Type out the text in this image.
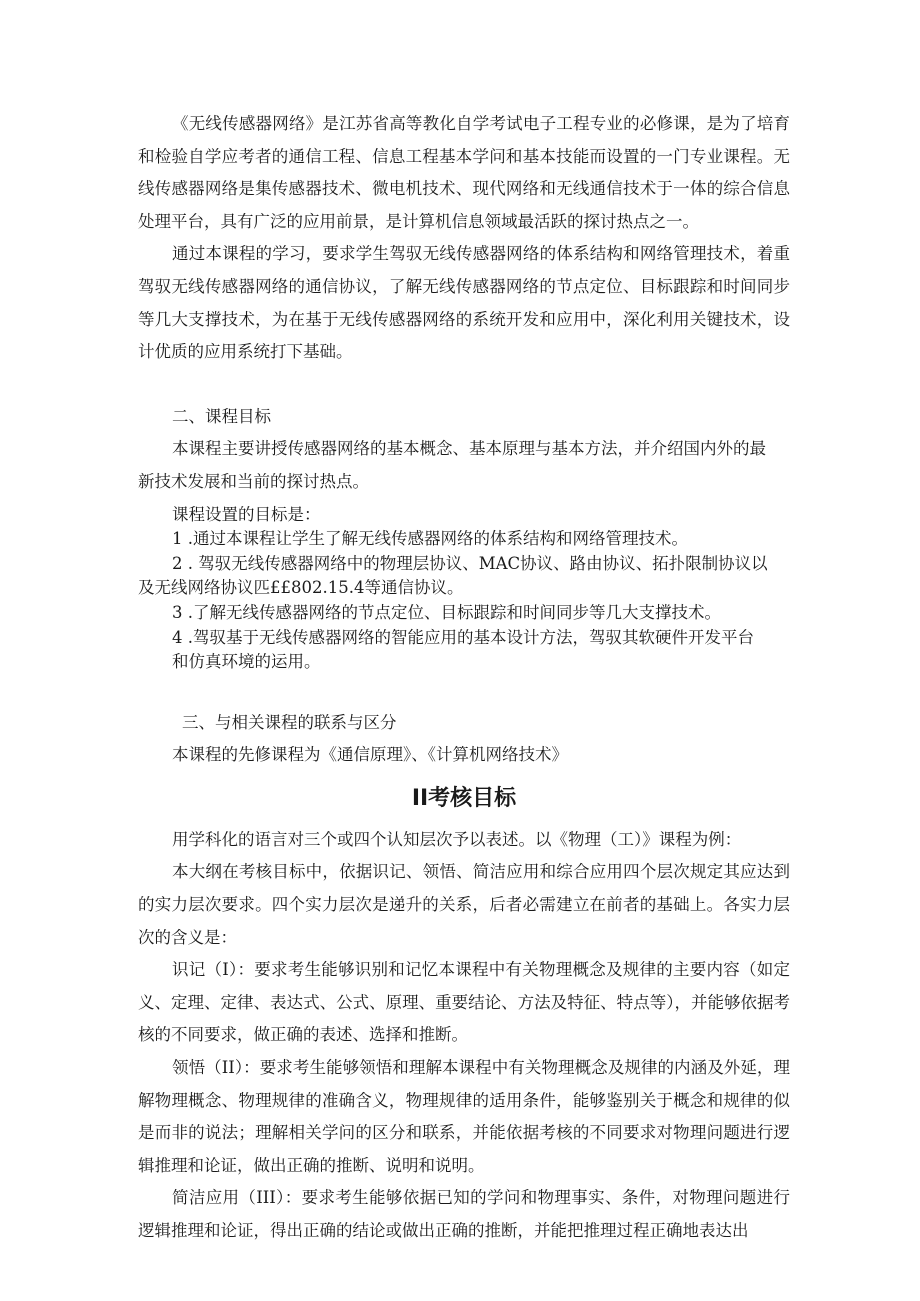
《无线传感器网络》是江苏省高等教化自学考试电子工程专业的必修课，是为了培育和检验自学应考者的通信工程、信息工程基本学问和基本技能而设置的一门专业课程。无线传感器网络是集传感器技术、微电机技术、现代网络和无线通信技术于一体的综合信息处理平台，具有广泛的应用前景，是计算机信息领域最活跃的探讨热点之一。

通过本课程的学习，要求学生驾驭无线传感器网络的体系结构和网络管理技术，着重驾驭无线传感器网络的通信协议，了解无线传感器网络的节点定位、目标跟踪和时间同步等几大支撑技术，为在基于无线传感器网络的系统开发和应用中，深化利用关键技术，设计优质的应用系统打下基础。

二、课程目标

本课程主要讲授传感器网络的基本概念、基本原理与基本方法，并介绍国内外的最

新技术发展和当前的探讨热点。

课程设置的目标是：

1 .通过本课程让学生了解无线传感器网络的体系结构和网络管理技术。

2 . 驾驭无线传感器网络中的物理层协议、MAC协议、路由协议、拓扑限制协议以

及无线网络协议匹££802.15.4等通信协议。

3 .了解无线传感器网络的节点定位、目标跟踪和时间同步等几大支撑技术。

4 .驾驭基于无线传感器网络的智能应用的基本设计方法，驾驭其软硬件开发平台

和仿真环境的运用。

三、与相关课程的联系与区分

本课程的先修课程为《通信原理》、《计算机网络技术》

II考核目标

用学科化的语言对三个或四个认知层次予以表述。以《物理（工）》课程为例：

本大纲在考核目标中，依据识记、领悟、简洁应用和综合应用四个层次规定其应达到的实力层次要求。四个实力层次是递升的关系，后者必需建立在前者的基础上。各实力层次的含义是：

识记（I）：要求考生能够识别和记忆本课程中有关物理概念及规律的主要内容（如定义、定理、定律、表达式、公式、原理、重要结论、方法及特征、特点等），并能够依据考核的不同要求，做正确的表述、选择和推断。

领悟（II）：要求考生能够领悟和理解本课程中有关物理概念及规律的内涵及外延，理解物理概念、物理规律的准确含义，物理规律的适用条件，能够鉴别关于概念和规律的似是而非的说法；理解相关学问的区分和联系，并能依据考核的不同要求对物理问题进行逻辑推理和论证，做出正确的推断、说明和说明。

简洁应用（III）：要求考生能够依据已知的学问和物理事实、条件，对物理问题进行逻辑推理和论证，得出正确的结论或做出正确的推断，并能把推理过程正确地表达出
